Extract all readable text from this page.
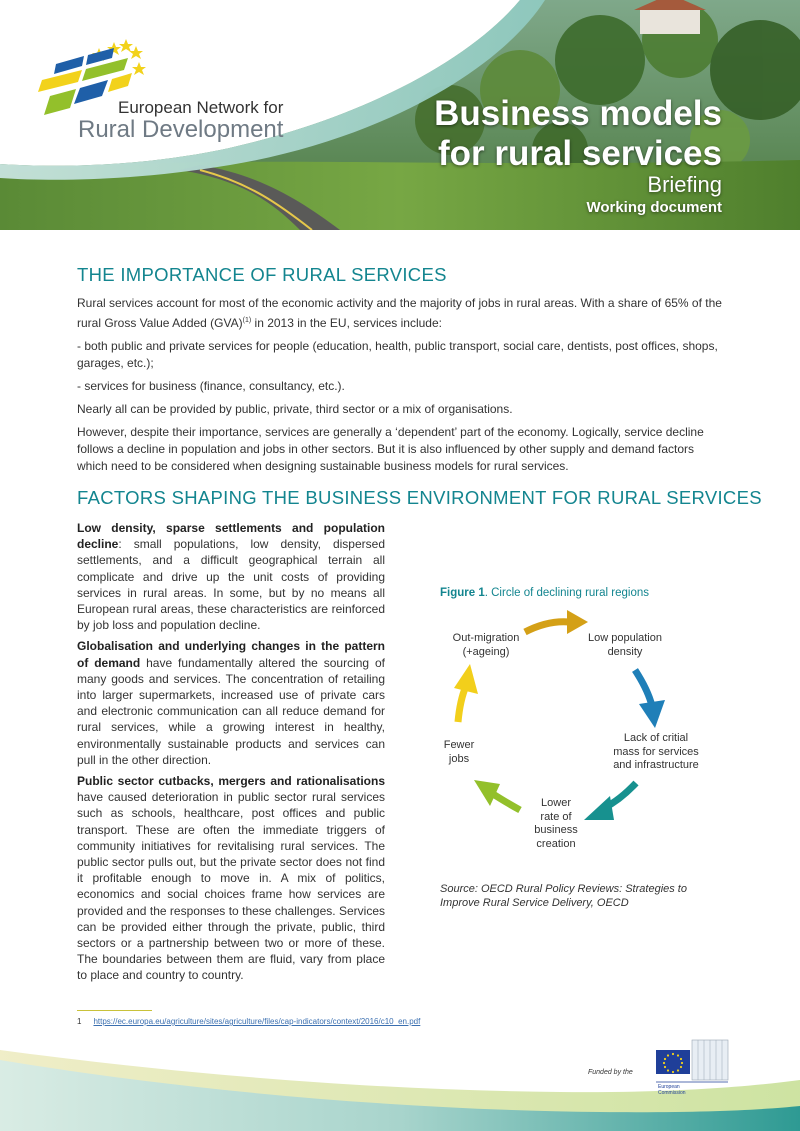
European Network for
Rural Development	Business models
for rural services
Briefing
Working document
THE IMPORTANCE OF RURAL SERVICES

Rural services account for most of the economic activity and the majority of jobs in rural areas. With a share of 65% of the rural Gross Value Added (GVA)$^{(1)}$ in 2013 in the EU, services include:

- both public and private services for people (education, health, public transport, social care, dentists, post offices, shops, garages, etc.);

- services for business (finance, consultancy, etc.).

Nearly all can be provided by public, private, third sector or a mix of organisations.

However, despite their importance, services are generally a ‘dependent’ part of the economy. Logically, service decline follows a decline in population and jobs in other sectors. But it is also influenced by other supply and demand factors which need to be considered when designing sustainable business models for rural services.

FACTORS SHAPING THE BUSINESS ENVIRONMENT FOR RURAL SERVICES

Low density, sparse settlements and population decline: small populations, low density, dispersed settlements, and a difficult geographical terrain all complicate and drive up the unit costs of providing services in rural areas. In some, but by no means all European rural areas, these characteristics are reinforced by job loss and population decline.

Globalisation and underlying changes in the pattern of demand have fundamentally altered the sourcing of many goods and services. The concentration of retailing into larger supermarkets, increased use of private cars and electronic communication can all reduce demand for rural services, while a growing interest in healthy, environmentally sustainable products and services can pull in the other direction.

Public sector cutbacks, mergers and rationalisations have caused deterioration in public sector rural services such as schools, healthcare, post offices and public transport. These are often the immediate triggers of community initiatives for revitalising rural services. The public sector pulls out, but the private sector does not find it profitable enough to move in. A mix of politics, economics and social choices frame how services are provided and the responses to these challenges. Services can be provided either through the private, public, third sectors or a partnership between two or more of these. The boundaries between them are fluid, vary from place to place and country to country.

Figure 1. Circle of declining rural regions
Out-migration
(+ageing)
Low population
density
Lack of critial
mass for services
and infrastructure
Lower
rate of
business
creation
Fewer
jobs
Source: OECD Rural Policy Reviews: Strategies to Improve Rural Service Delivery, OECD
1 https://ec.europa.eu/agriculture/sites/agriculture/files/cap-indicators/context/2016/c10_en.pdf
Funded by the
European
Commission
